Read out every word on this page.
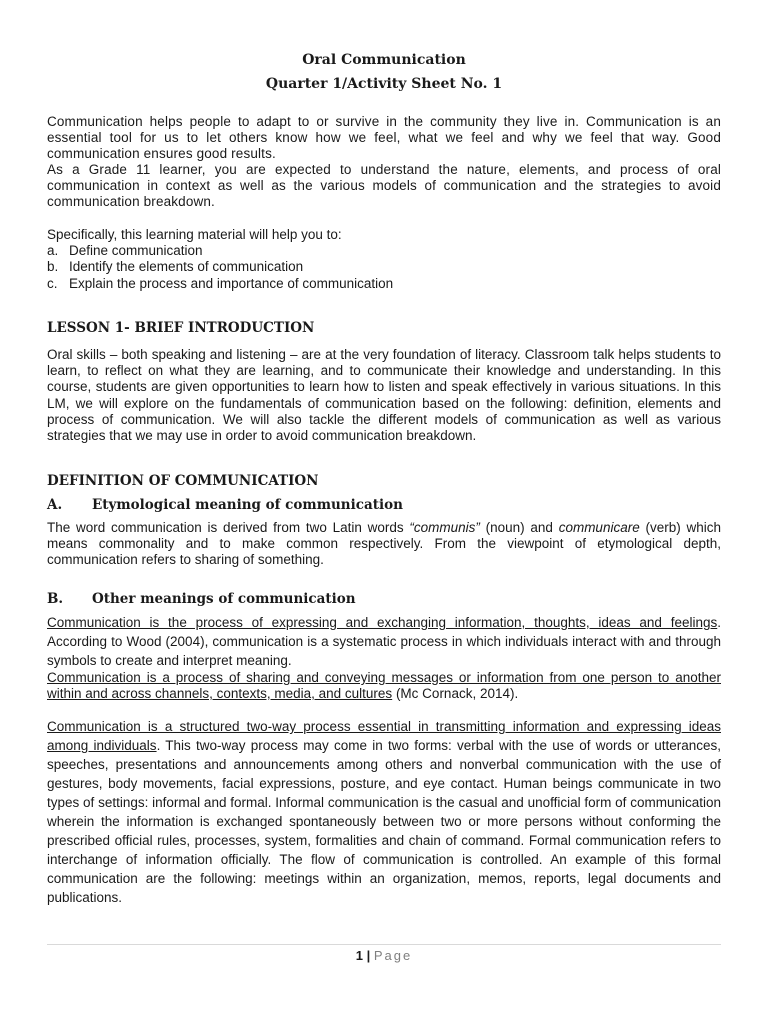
Oral Communication
Quarter 1/Activity Sheet No. 1
Communication helps people to adapt to or survive in the community they live in. Communication is an essential tool for us to let others know how we feel, what we feel and why we feel that way. Good communication ensures good results.
As a Grade 11 learner, you are expected to understand the nature, elements, and process of oral communication in context as well as the various models of communication and the strategies to avoid communication breakdown.
Specifically, this learning material will help you to:
a. Define communication
b. Identify the elements of communication
c. Explain the process and importance of communication
LESSON 1- BRIEF INTRODUCTION
Oral skills – both speaking and listening – are at the very foundation of literacy. Classroom talk helps students to learn, to reflect on what they are learning, and to communicate their knowledge and understanding. In this course, students are given opportunities to learn how to listen and speak effectively in various situations. In this LM, we will explore on the fundamentals of communication based on the following: definition, elements and process of communication. We will also tackle the different models of communication as well as various strategies that we may use in order to avoid communication breakdown.
DEFINITION OF COMMUNICATION
A. Etymological meaning of communication
The word communication is derived from two Latin words “communis” (noun) and communicare (verb) which means commonality and to make common respectively. From the viewpoint of etymological depth, communication refers to sharing of something.
B. Other meanings of communication
Communication is the process of expressing and exchanging information, thoughts, ideas and feelings. According to Wood (2004), communication is a systematic process in which individuals interact with and through symbols to create and interpret meaning.
Communication is a process of sharing and conveying messages or information from one person to another within and across channels, contexts, media, and cultures (Mc Cornack, 2014).
Communication is a structured two-way process essential in transmitting information and expressing ideas among individuals. This two-way process may come in two forms: verbal with the use of words or utterances, speeches, presentations and announcements among others and nonverbal communication with the use of gestures, body movements, facial expressions, posture, and eye contact. Human beings communicate in two types of settings: informal and formal. Informal communication is the casual and unofficial form of communication wherein the information is exchanged spontaneously between two or more persons without conforming the prescribed official rules, processes, system, formalities and chain of command. Formal communication refers to interchange of information officially. The flow of communication is controlled. An example of this formal communication are the following: meetings within an organization, memos, reports, legal documents and publications.
1 | Page
